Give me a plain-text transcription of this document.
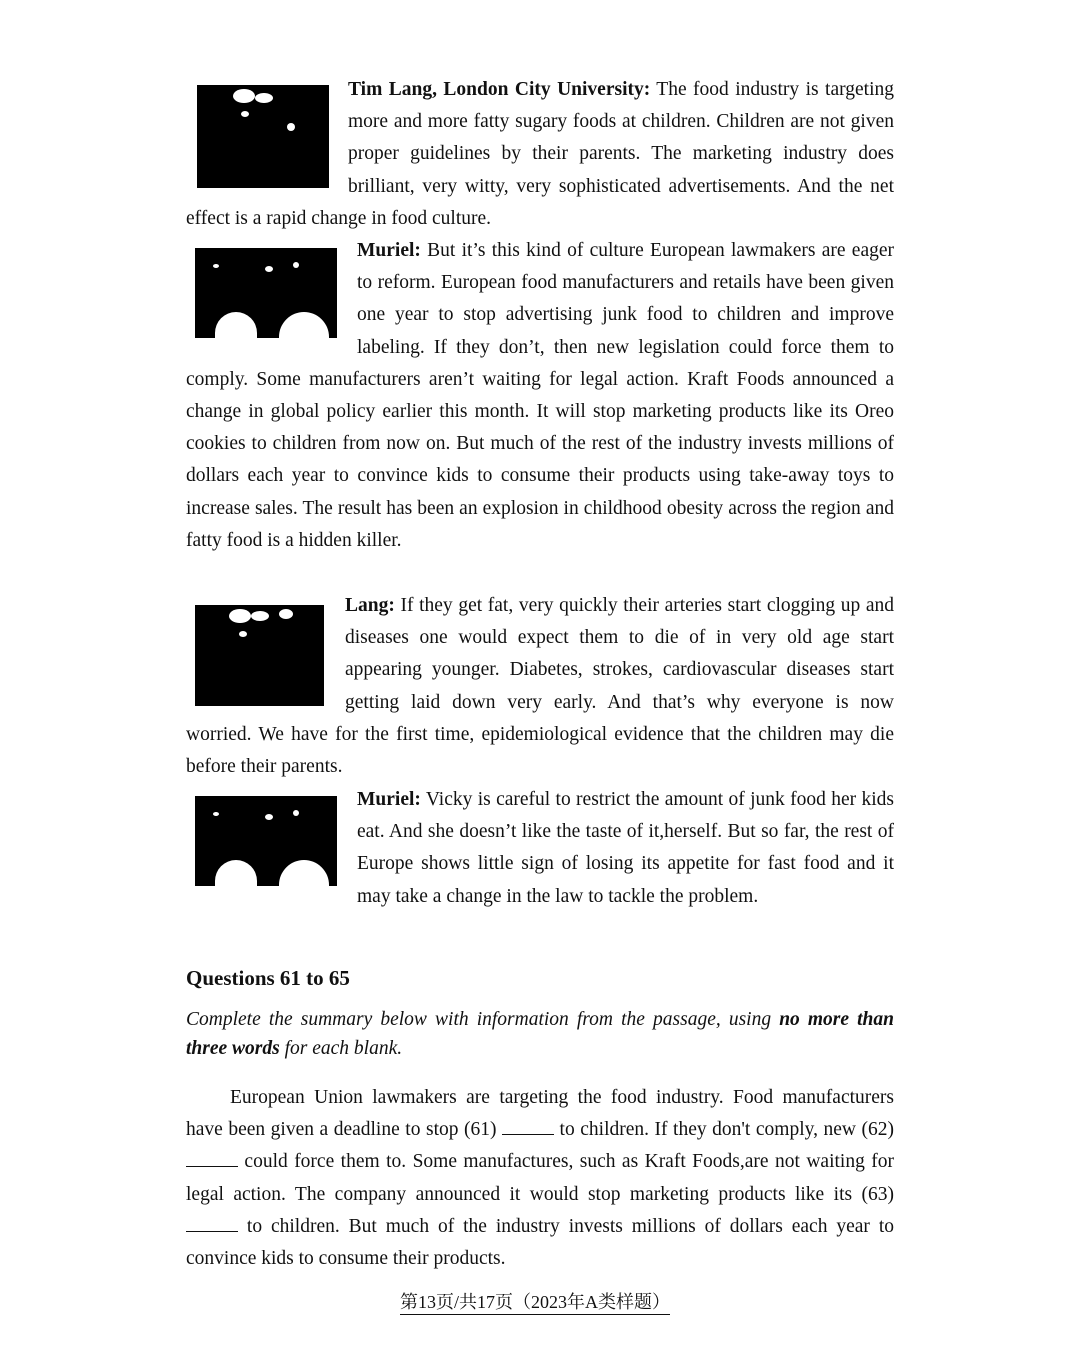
Tim Lang, London City University: The food industry is targeting more and more fatty sugary foods at children. Children are not given proper guidelines by their parents. The marketing industry does brilliant, very witty, very sophisticated advertisements. And the net effect is a rapid change in food culture.
Muriel: But it’s this kind of culture European lawmakers are eager to reform. European food manufacturers and retails have been given one year to stop advertising junk food to children and improve labeling. If they don’t, then new legislation could force them to comply. Some manufacturers aren’t waiting for legal action. Kraft Foods announced a change in global policy earlier this month. It will stop marketing products like its Oreo cookies to children from now on. But much of the rest of the industry invests millions of dollars each year to convince kids to consume their products using take-away toys to increase sales. The result has been an explosion in childhood obesity across the region and fatty food is a hidden killer.
Lang: If they get fat, very quickly their arteries start clogging up and diseases one would expect them to die of in very old age start appearing younger. Diabetes, strokes, cardiovascular diseases start getting laid down very early. And that’s why everyone is now worried. We have for the first time, epidemiological evidence that the children may die before their parents.
Muriel: Vicky is careful to restrict the amount of junk food her kids eat. And she doesn’t like the taste of it,herself. But so far, the rest of Europe shows little sign of losing its appetite for fast food and it may take a change in the law to tackle the problem.
Questions 61 to 65
Complete the summary below with information from the passage, using no more than three words for each blank.
European Union lawmakers are targeting the food industry. Food manufacturers have been given a deadline to stop (61)	to children. If they don't comply, new (62)  could force them to. Some manufactures, such as Kraft Foods,are not waiting for legal action. The company announced it would stop marketing products like its (63)  to children. But much of the industry invests millions of dollars each year to convince kids to consume their products.
第13页/共17页（2023年A类样题）
